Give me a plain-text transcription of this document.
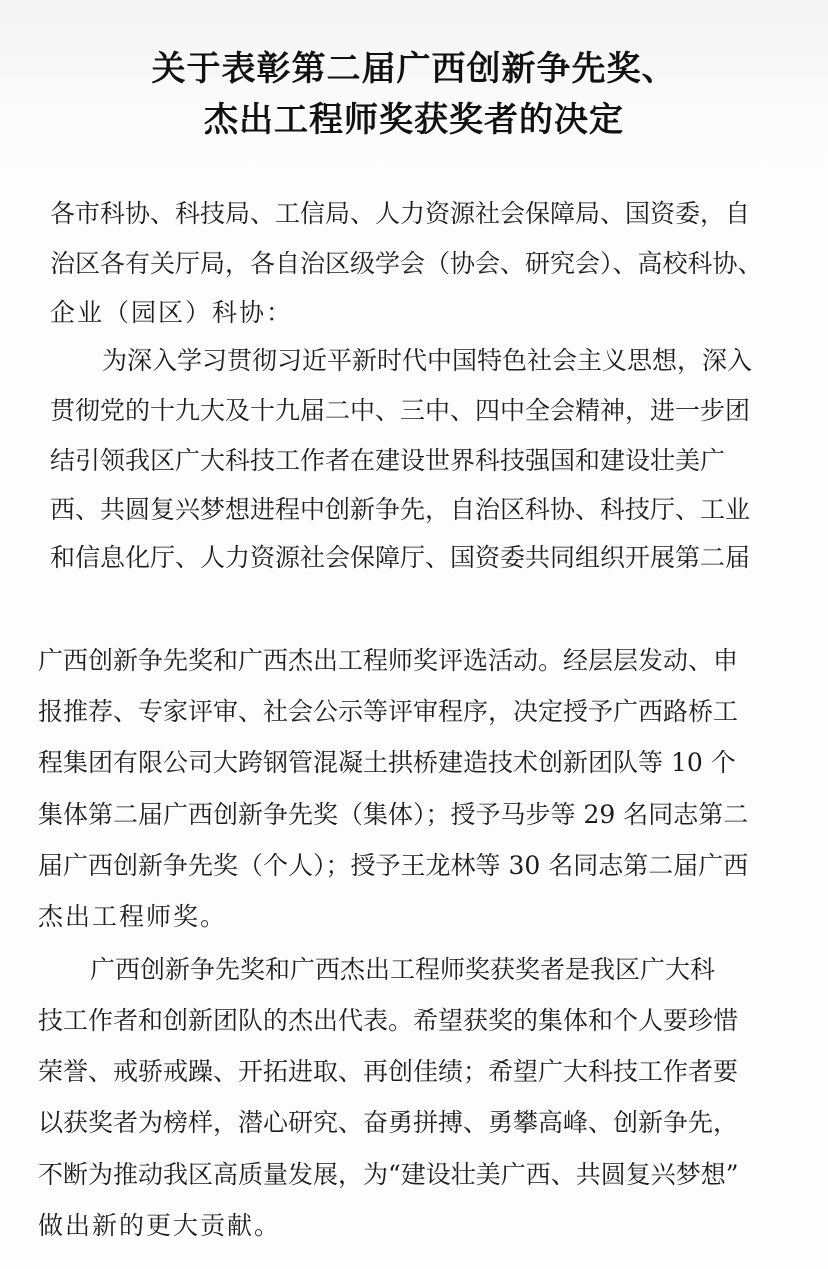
关于表彰第二届广西创新争先奖、
杰出工程师奖获奖者的决定
各市科协、科技局、工信局、人力资源社会保障局、国资委，自
治区各有关厅局，各自治区级学会（协会、研究会）、高校科协、
企业（园区）科协：
为深入学习贯彻习近平新时代中国特色社会主义思想，深入
贯彻党的十九大及十九届二中、三中、四中全会精神，进一步团
结引领我区广大科技工作者在建设世界科技强国和建设壮美广
西、共圆复兴梦想进程中创新争先，自治区科协、科技厅、工业
和信息化厅、人力资源社会保障厅、国资委共同组织开展第二届
广西创新争先奖和广西杰出工程师奖评选活动。经层层发动、申
报推荐、专家评审、社会公示等评审程序，决定授予广西路桥工
程集团有限公司大跨钢管混凝土拱桥建造技术创新团队等 10 个
集体第二届广西创新争先奖（集体）；授予马步等 29 名同志第二
届广西创新争先奖（个人）；授予王龙林等 30 名同志第二届广西
杰出工程师奖。
广西创新争先奖和广西杰出工程师奖获奖者是我区广大科
技工作者和创新团队的杰出代表。希望获奖的集体和个人要珍惜
荣誉、戒骄戒躁、开拓进取、再创佳绩；希望广大科技工作者要
以获奖者为榜样，潜心研究、奋勇拼搏、勇攀高峰、创新争先，
不断为推动我区高质量发展，为“建设壮美广西、共圆复兴梦想”
做出新的更大贡献。
